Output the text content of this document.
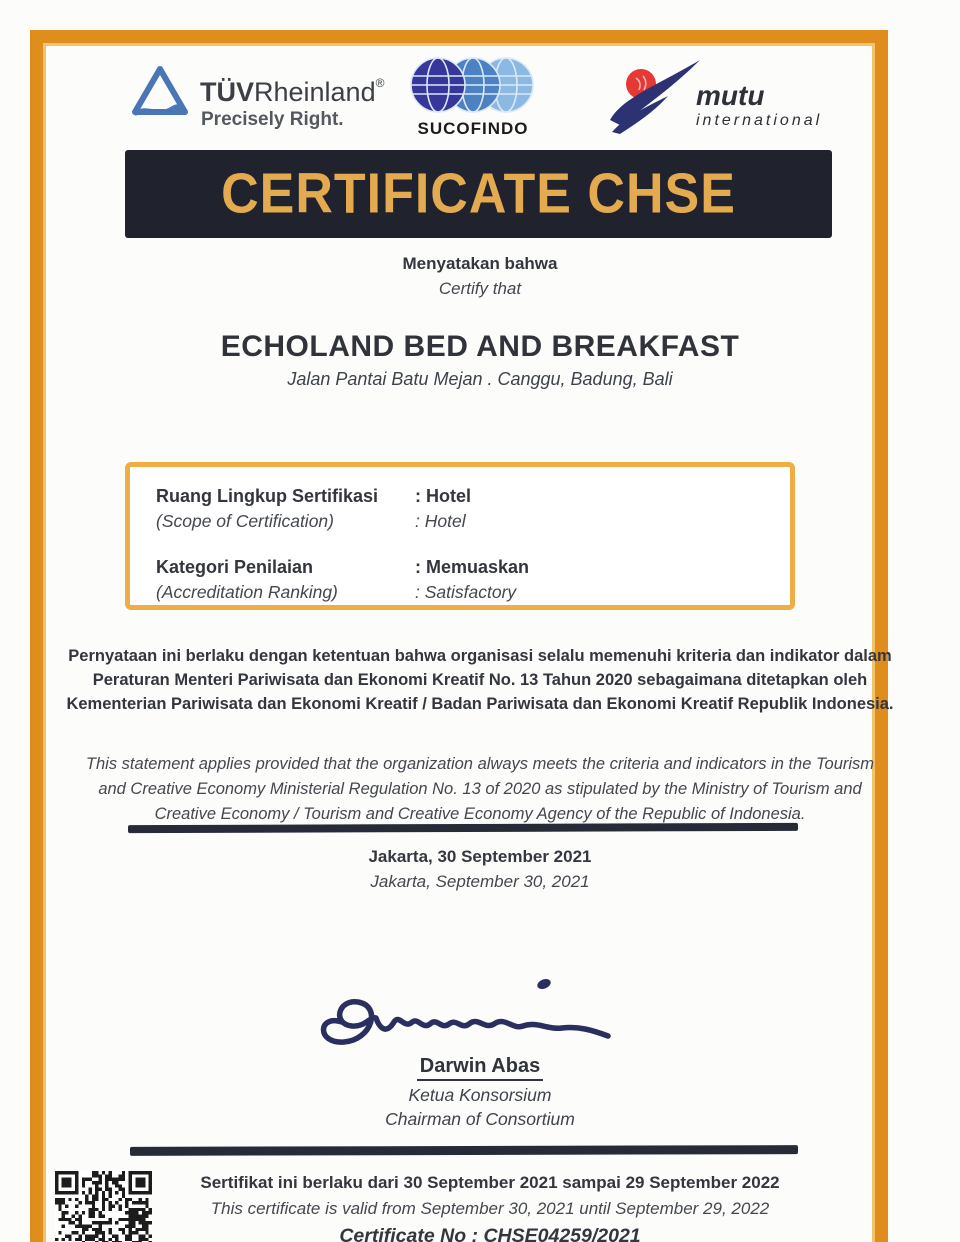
TÜVRheinland®
Precisely Right.	SUCOFINDO
mutu
international
CERTIFICATE CHSE
Menyatakan bahwa
Certify that
ECHOLAND BED AND BREAKFAST
Jalan Pantai Batu Mejan . Canggu, Badung, Bali
Ruang Lingkup Sertifikasi	: Hotel
(Scope of Certification)	: Hotel
Kategori Penilaian	: Memuaskan
(Accreditation Ranking)	: Satisfactory
Pernyataan ini berlaku dengan ketentuan bahwa organisasi selalu memenuhi kriteria dan indikator dalam Peraturan Menteri Pariwisata dan Ekonomi Kreatif No. 13 Tahun 2020 sebagaimana ditetapkan oleh Kementerian Pariwisata dan Ekonomi Kreatif / Badan Pariwisata dan Ekonomi Kreatif Republik Indonesia.
This statement applies provided that the organization always meets the criteria and indicators in the Tourism and Creative Economy Ministerial Regulation No. 13 of 2020 as stipulated by the Ministry of Tourism and Creative Economy / Tourism and Creative Economy Agency of the Republic of Indonesia.
Jakarta, 30 September 2021
Jakarta, September 30, 2021
Darwin Abas
Ketua Konsorsium
Chairman of Consortium
Sertifikat ini berlaku dari 30 September 2021 sampai 29 September 2022
This certificate is valid from September 30, 2021 until September 29, 2022
Certificate No : CHSE04259/2021
